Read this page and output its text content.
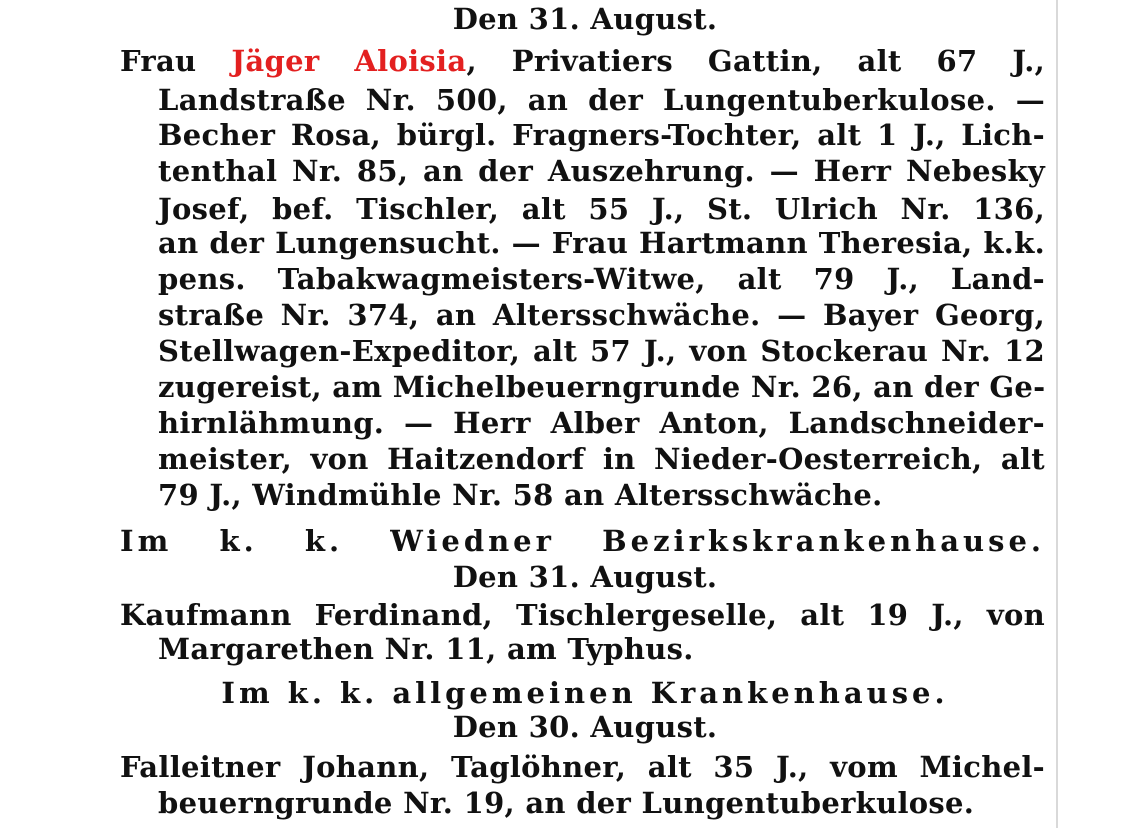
Den 31. August.
Frau Jäger Aloisia, Privatiers Gattin, alt 67 J.,
Landstraße Nr. 500, an der Lungentuberkulose. —
Becher Rosa, bürgl. Fragners-Tochter, alt 1 J., Lich-
tenthal Nr. 85, an der Auszehrung. — Herr Nebesky
Josef, bef. Tischler, alt 55 J., St. Ulrich Nr. 136,
an der Lungensucht. — Frau Hartmann Theresia, k.k.
pens. Tabakwagmeisters-Witwe, alt 79 J., Land-
straße Nr. 374, an Altersschwäche. — Bayer Georg,
Stellwagen-Expeditor, alt 57 J., von Stockerau Nr. 12
zugereist, am Michelbeuerngrunde Nr. 26, an der Ge-
hirnlähmung. — Herr Alber Anton, Landschneider-
meister, von Haitzendorf in Nieder-Oesterreich, alt
79 J., Windmühle Nr. 58 an Altersschwäche.
Im k. k. Wiedner Bezirkskrankenhause.
Den 31. August.
Kaufmann Ferdinand, Tischlergeselle, alt 19 J., von
Margarethen Nr. 11, am Typhus.
Im k. k. allgemeinen Krankenhause.
Den 30. August.
Falleitner Johann, Taglöhner, alt 35 J., vom Michel-
beuerngrunde Nr. 19, an der Lungentuberkulose.
